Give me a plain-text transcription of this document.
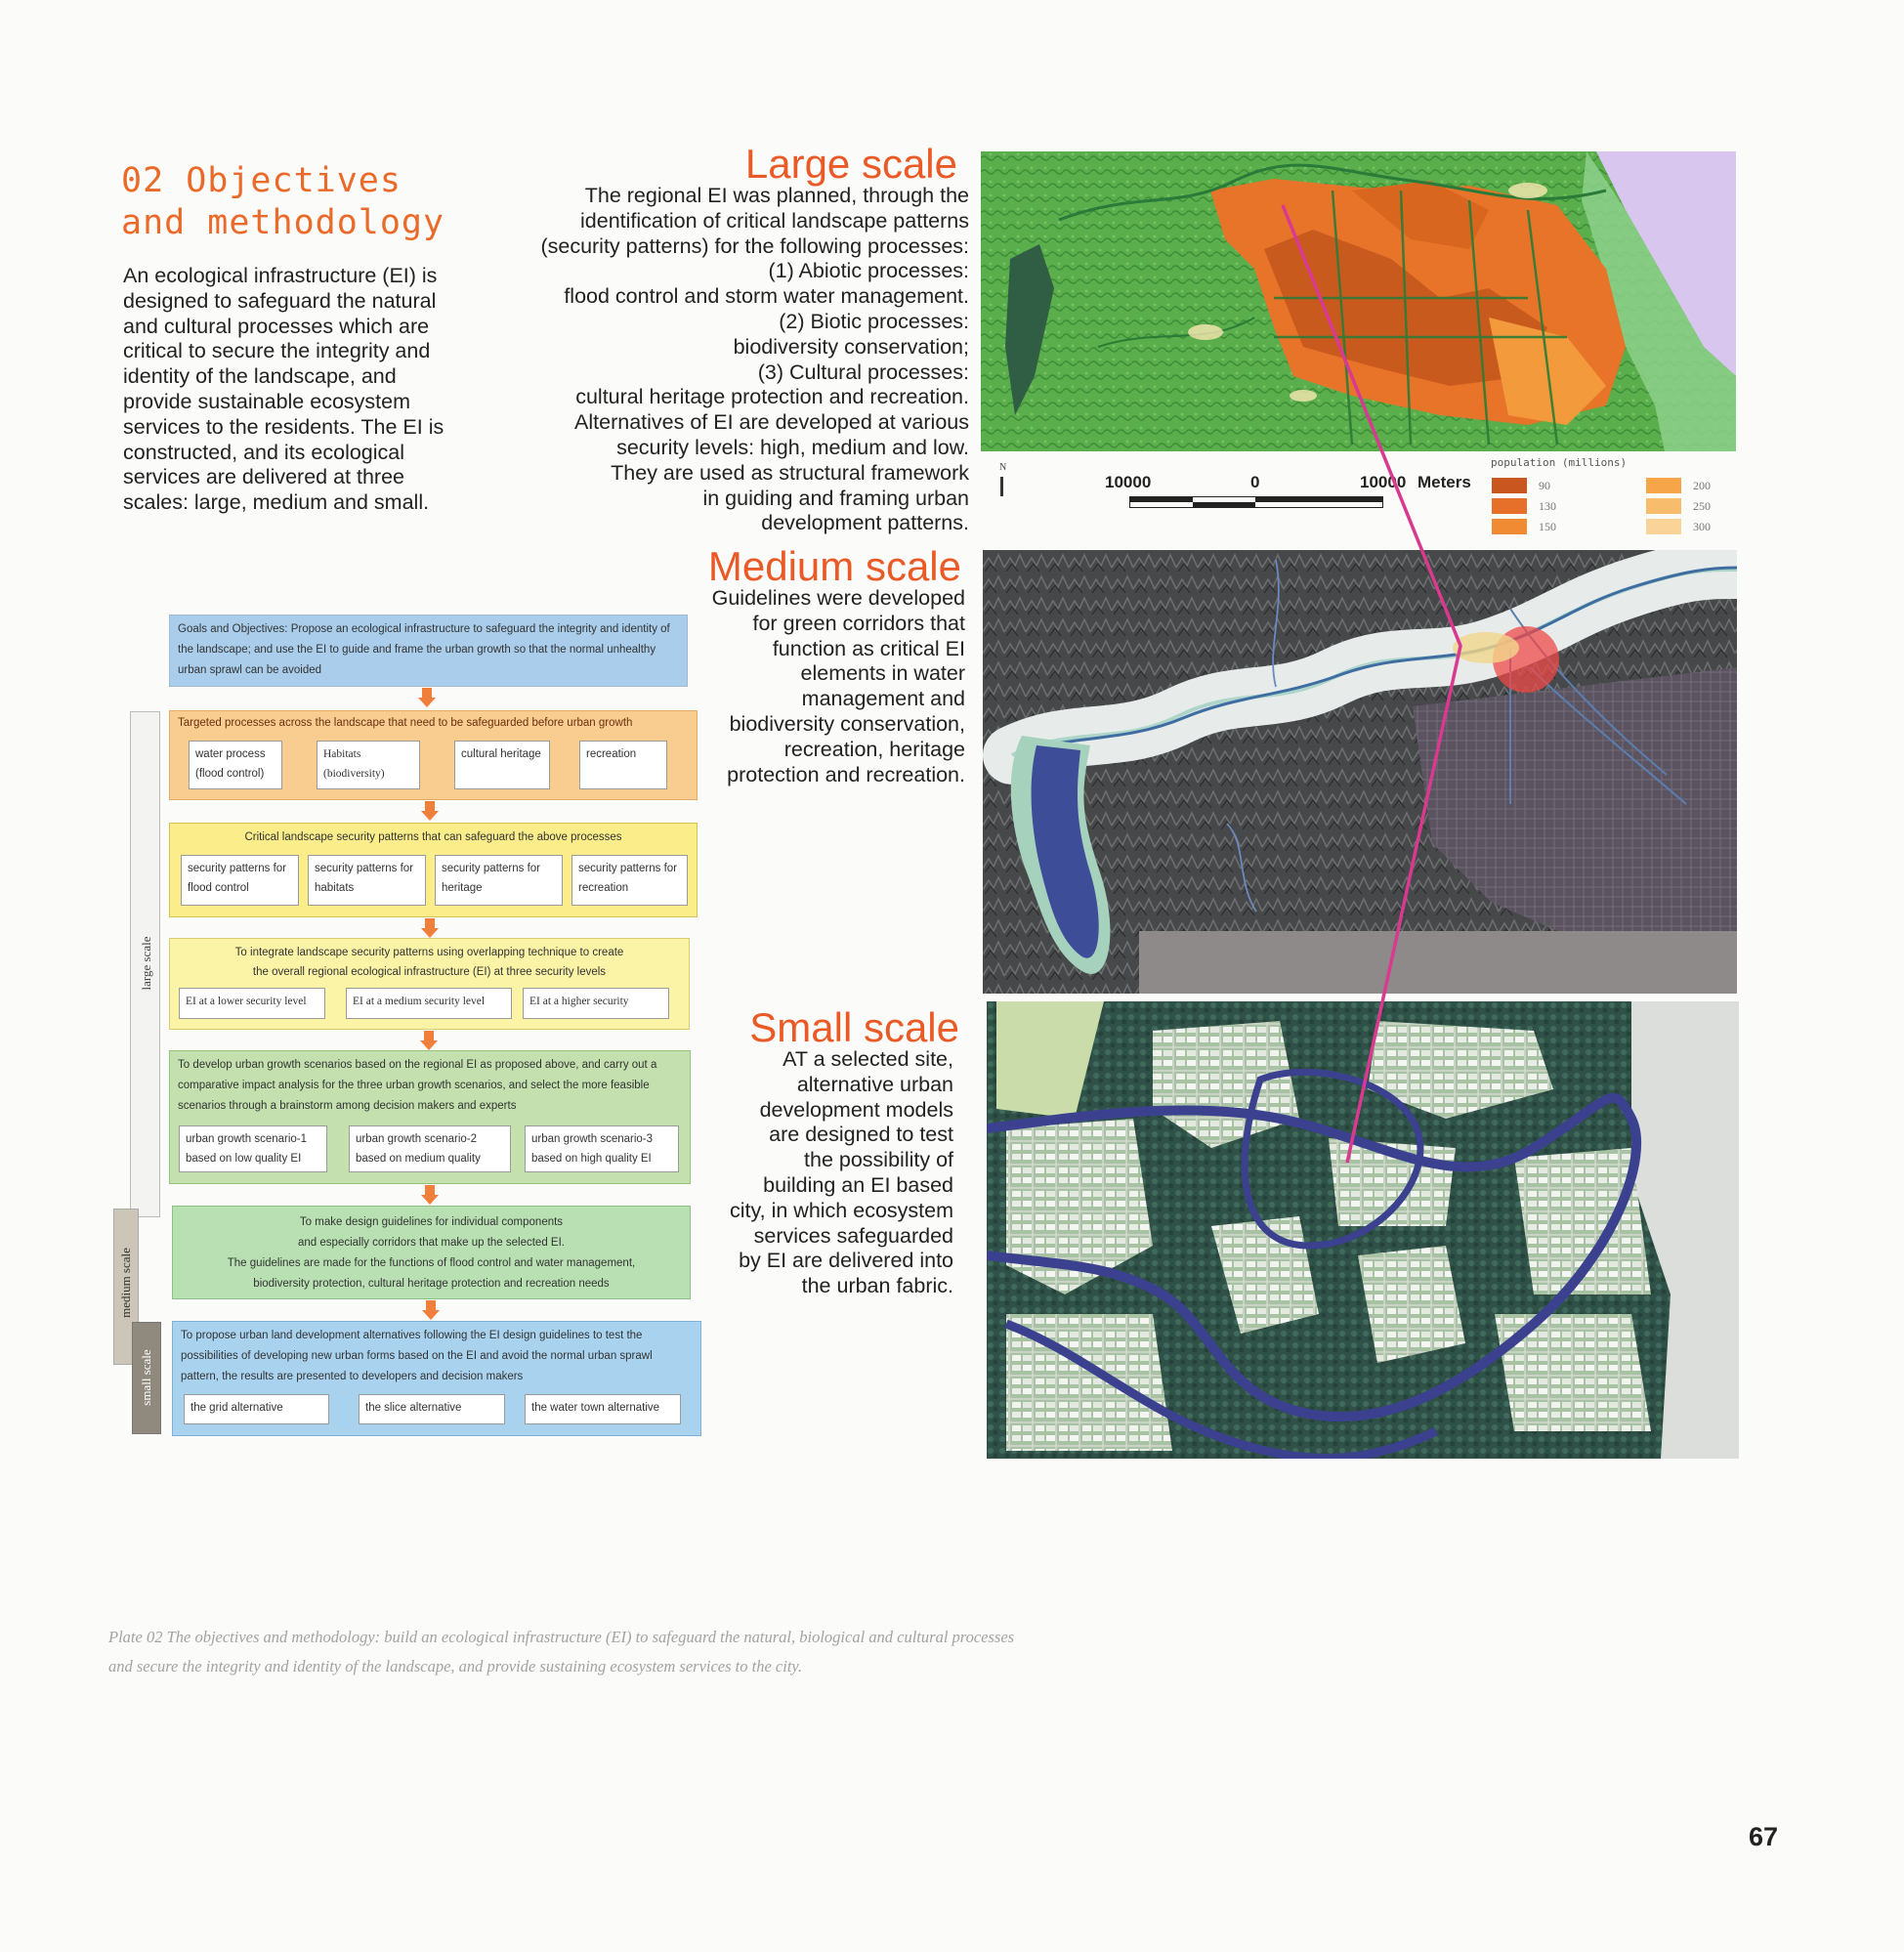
02 Objectives
and methodology
An ecological infrastructure (EI) is designed to safeguard the natural and cultural processes which are critical to secure the integrity and identity of the landscape, and provide sustainable ecosystem services to the residents. The EI is constructed, and its ecological services are delivered at three scales: large, medium and small.
Large scale
The regional EI was planned, through the
identification of critical landscape patterns
(security patterns) for the following processes:
(1) Abiotic processes:
flood control and storm water management.
(2) Biotic processes:
biodiversity conservation;
(3) Cultural processes:
cultural heritage protection and recreation.
Alternatives of EI are developed at various
security levels: high, medium and low.
They are used as structural framework
in guiding and framing urban
development patterns.
Medium scale
Guidelines were developed
for green corridors that
function as critical EI
elements in water
management and
biodiversity conservation,
recreation, heritage
protection and recreation.
Small scale
AT a selected site,
alternative urban
development models
are designed to test
the possibility of
building an EI based
city, in which ecosystem
services safeguarded
by EI are delivered into
the urban fabric.
large scale
medium scale
small scale
Goals and Objectives: Propose an ecological infrastructure to safeguard the integrity and identity of the landscape; and use the EI to guide and frame the urban growth so that the normal unhealthy urban sprawl can be avoided
Targeted processes across the landscape that need to be safeguarded before urban growth
water process (flood control)
Habitats (biodiversity)
cultural heritage	recreation
Critical landscape security patterns that can safeguard the above processes
security patterns for flood control
security patterns for habitats
security patterns for heritage
security patterns for recreation
To integrate landscape security patterns using overlapping technique to create
the overall regional ecological infrastructure (EI) at three security levels
EI at a lower security level	EI at a medium security level	EI at a higher security
To develop urban growth scenarios based on the regional EI as proposed above, and carry out a comparative impact analysis for the three urban growth scenarios, and select the more feasible scenarios through a brainstorm among decision makers and experts
urban growth scenario-1 based on low quality EI
urban growth scenario-2 based on medium quality
urban growth scenario-3 based on high quality EI
To make design guidelines for individual components
and especially corridors that make up the selected EI.
The guidelines are made for the functions of flood control and water management,
biodiversity protection, cultural heritage protection and recreation needs
To propose urban land development alternatives following the EI design guidelines to test the possibilities of developing new urban forms based on the EI and avoid the normal urban sprawl pattern, the results are presented to developers and decision makers
the grid alternative	the slice alternative	the water town alternative
N
10000	0	10000 Meters
population (millions)
90
130
150
200
250
300
Plate 02 The objectives and methodology: build an ecological infrastructure (EI) to safeguard the natural, biological and cultural processes
and secure the integrity and identity of the landscape, and provide sustaining ecosystem services to the city.
67
